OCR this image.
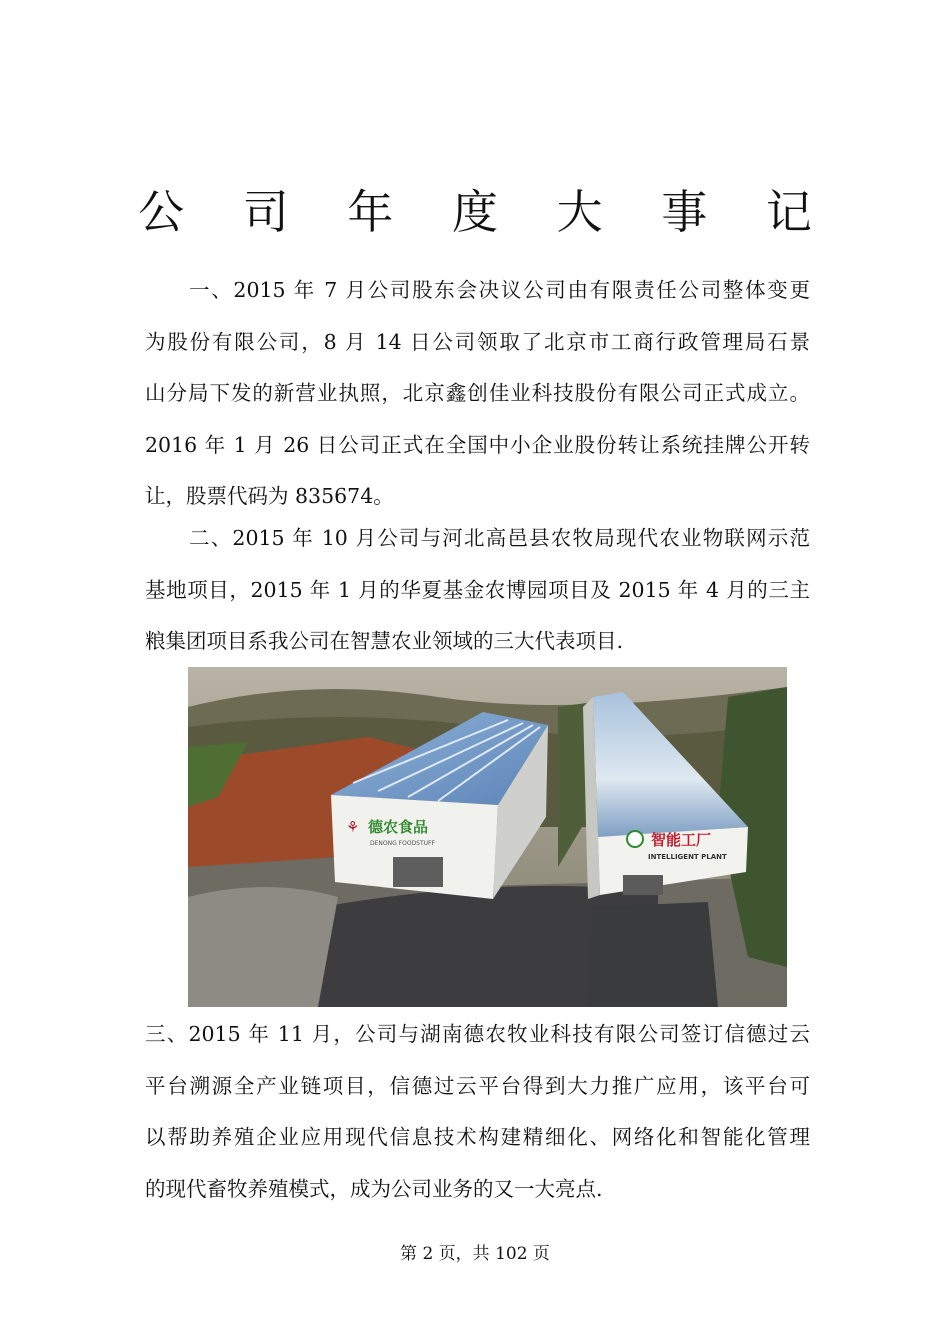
公 司 年 度 大 事 记
一、2015 年 7 月公司股东会决议公司由有限责任公司整体变更
为股份有限公司，8 月 14 日公司领取了北京市工商行政管理局石景
山分局下发的新营业执照，北京鑫创佳业科技股份有限公司正式成立。
2016 年 1 月 26 日公司正式在全国中小企业股份转让系统挂牌公开转
让，股票代码为 835674。
二、2015 年 10 月公司与河北高邑县农牧局现代农业物联网示范
基地项目，2015 年 1 月的华夏基金农博园项目及 2015 年 4 月的三主
粮集团项目系我公司在智慧农业领域的三大代表项目.
⚘ 德农食品
DENONG FOODSTUFF	智能工厂
INTELLIGENT PLANT
三、2015 年 11 月，公司与湖南德农牧业科技有限公司签订信德过云
平台溯源全产业链项目，信德过云平台得到大力推广应用，该平台可
以帮助养殖企业应用现代信息技术构建精细化、网络化和智能化管理
的现代畜牧养殖模式，成为公司业务的又一大亮点.
第 2 页，共 102 页
